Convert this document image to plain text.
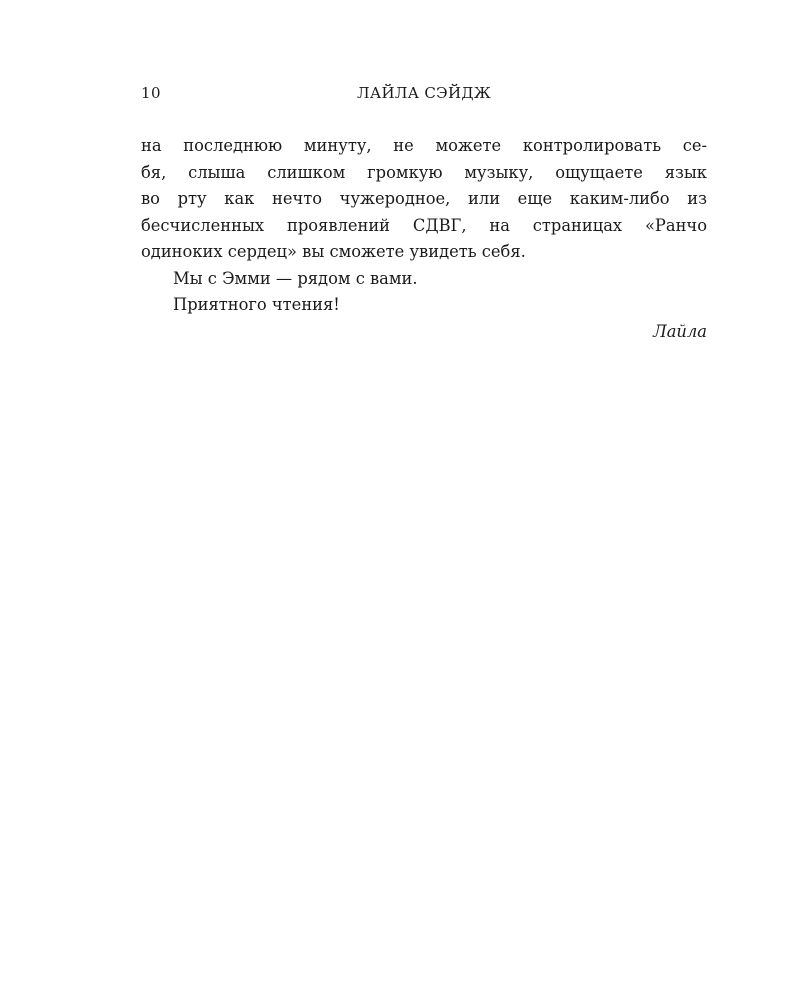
10	ЛАЙЛА СЭЙДЖ
на последнюю минуту, не можете контролировать се-
бя, слыша слишком громкую музыку, ощущаете язык
во рту как нечто чужеродное, или еще каким-либо из
бесчисленных проявлений СДВГ, на страницах «Ранчо
одиноких сердец» вы сможете увидеть себя.
Мы с Эмми — рядом с вами.
Приятного чтения!
Лайла
